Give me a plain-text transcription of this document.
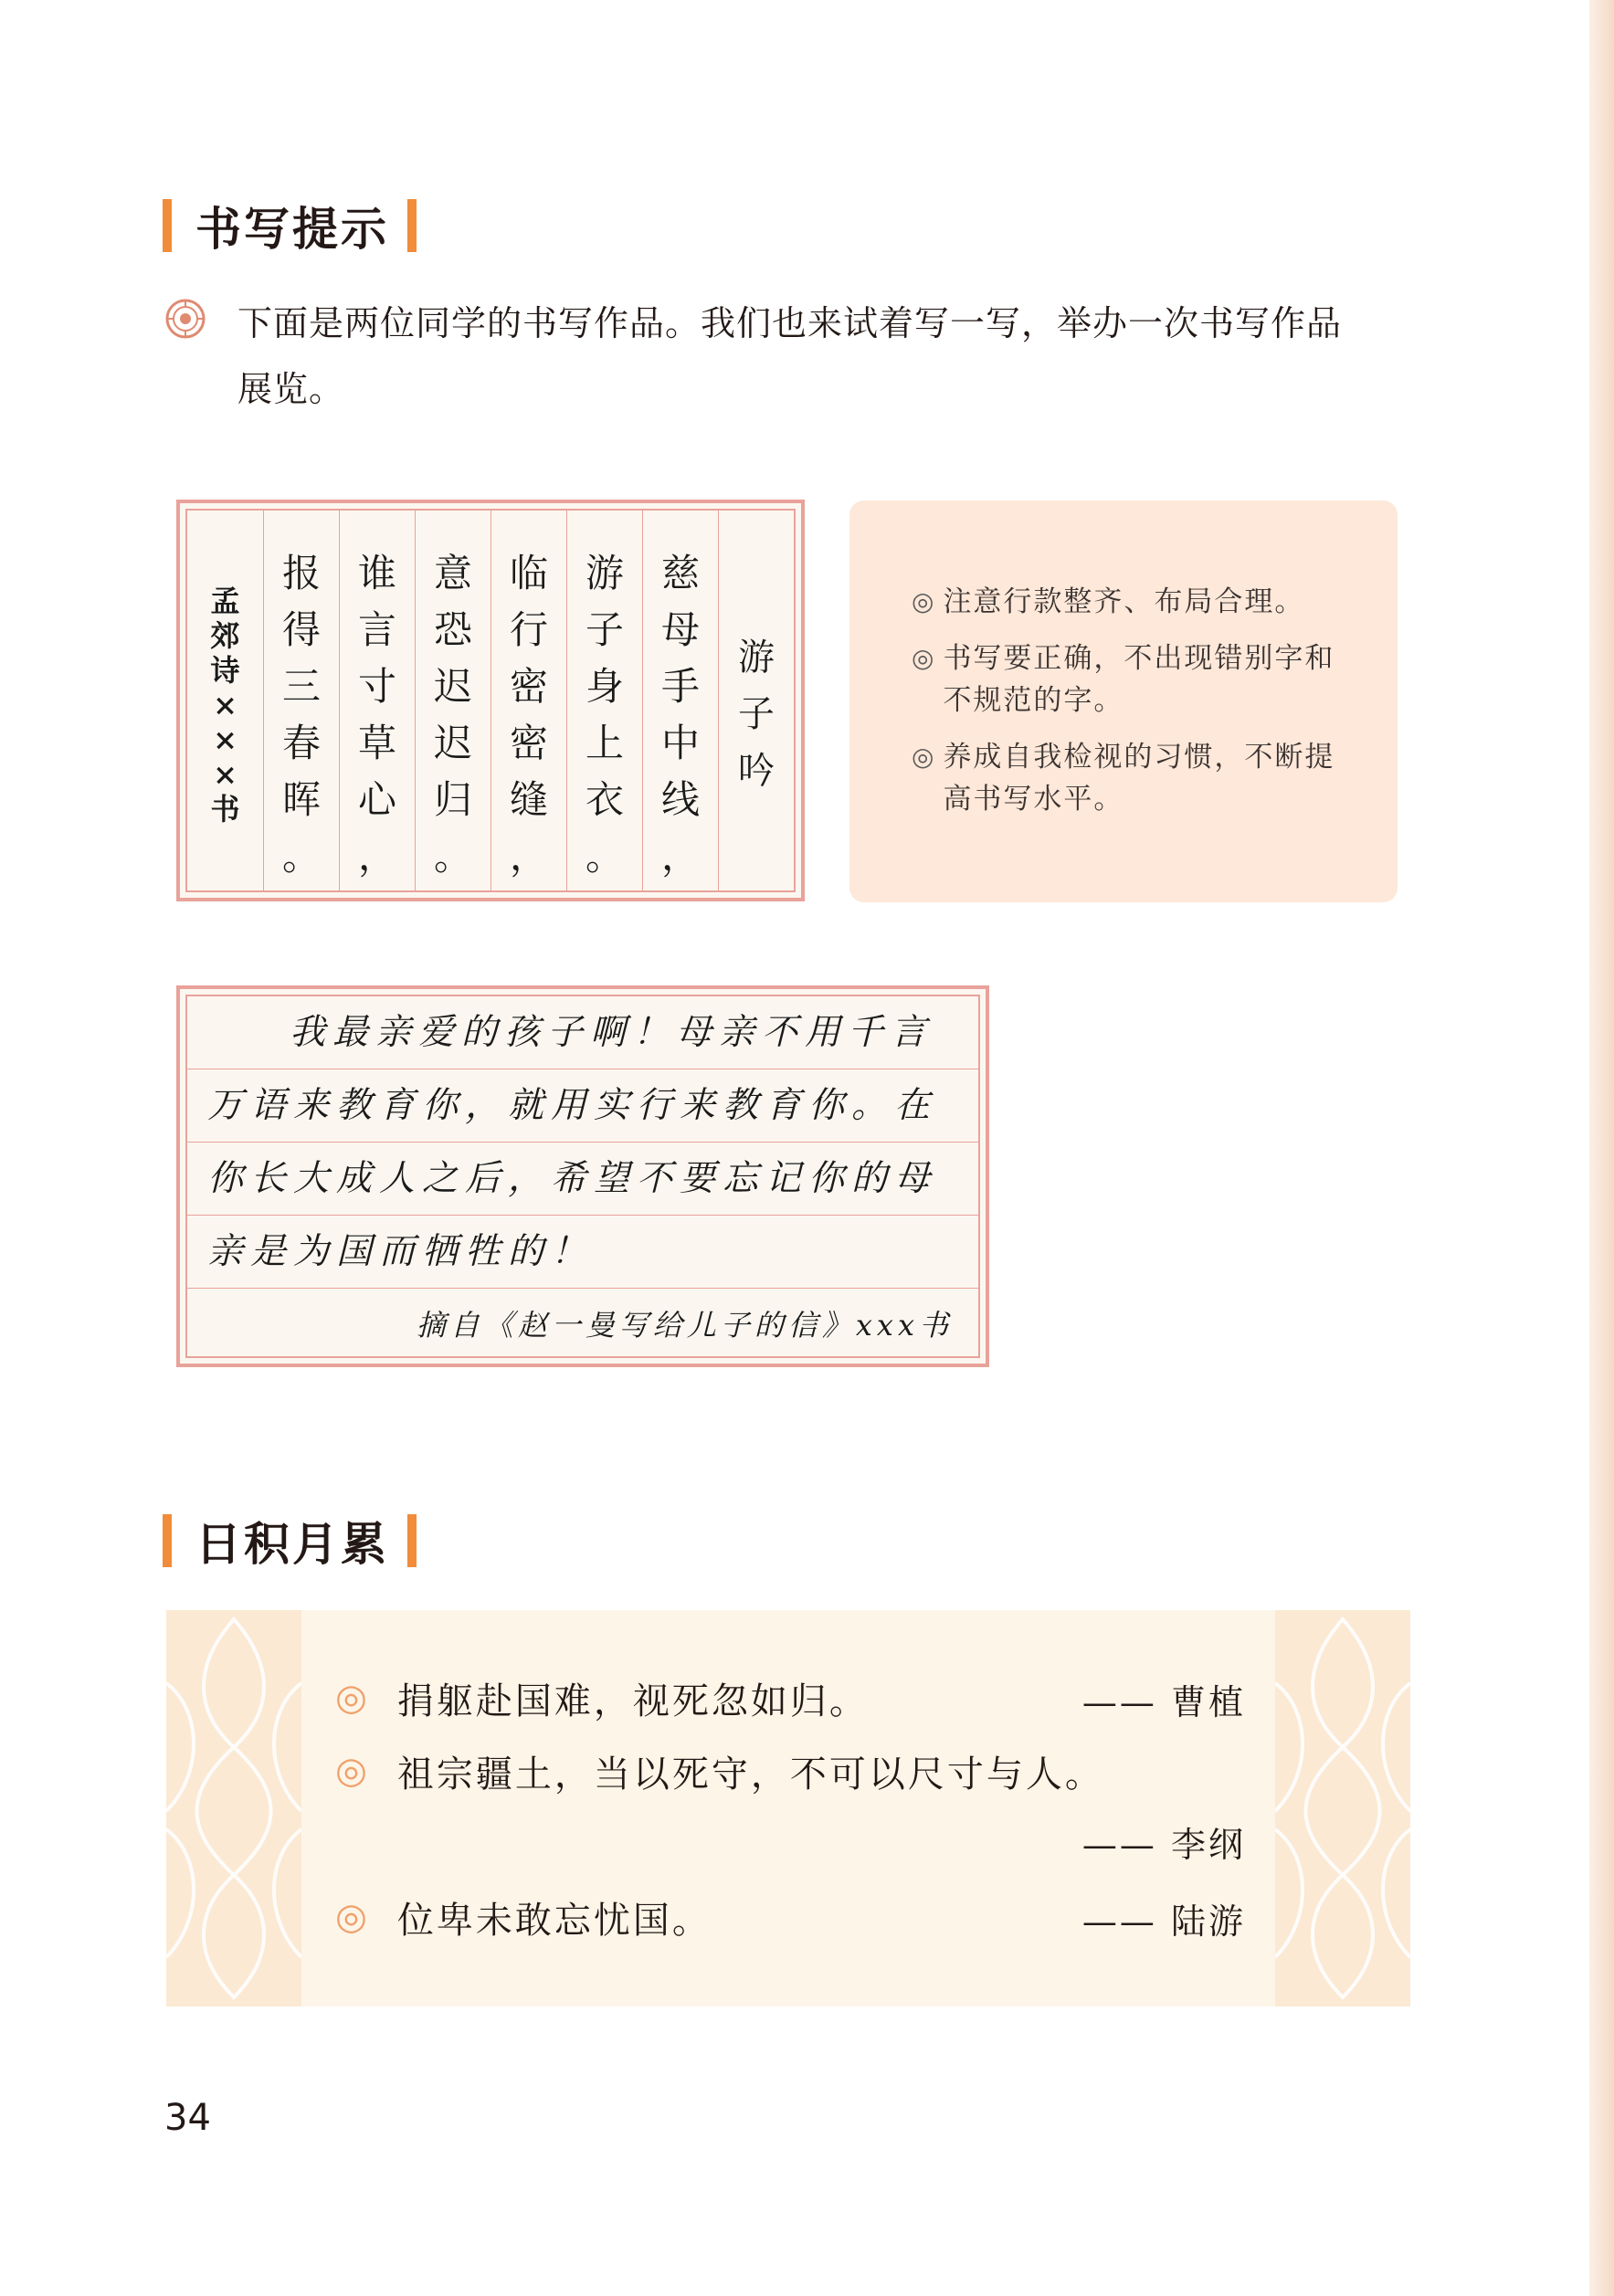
书写提示
下面是两位同学的书写作品。我们也来试着写一写，举办一次书写作品
展览。
游
子
吟
慈
母
手
中
线
，
游
子
身
上
衣
。
临
行
密
密
缝
，
意
恐
迟
迟
归
。
谁
言
寸
草
心
，
报
得
三
春
晖
。
孟
郊
诗
×
×
×
书
◎ 注意行款整齐、布局合理。
◎ 书写要正确，不出现错别字和不规范的字。
◎ 养成自我检视的习惯，不断提高书写水平。
我最亲爱的孩子啊！母亲不用千言
万语来教育你，就用实行来教育你。在
你长大成人之后，希望不要忘记你的母
亲是为国而牺牲的！
摘自《赵一曼写给儿子的信》xxx书
日积月累
◎ 捐躯赴国难，视死忽如归。	—— 曹植
◎ 祖宗疆土，当以死守，不可以尺寸与人。
—— 李纲
◎ 位卑未敢忘忧国。	—— 陆游
34
